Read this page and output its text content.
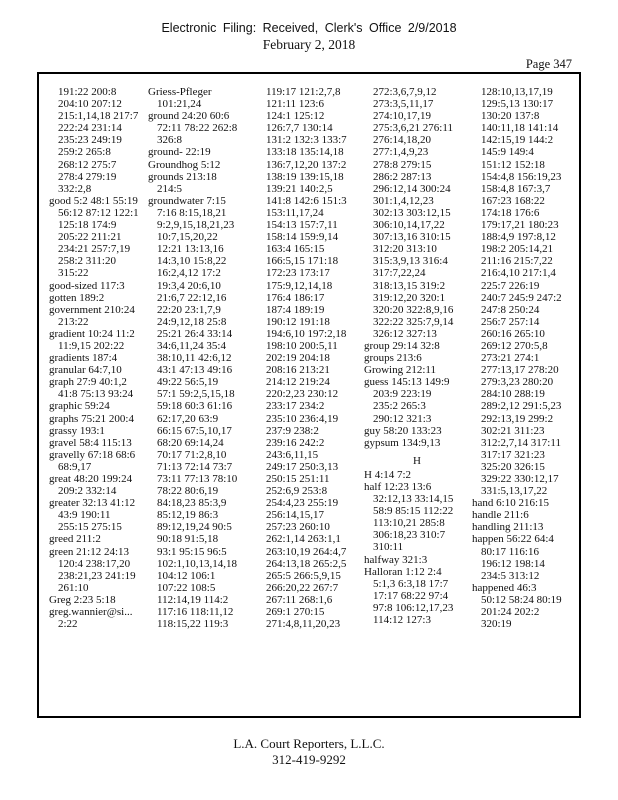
Electronic Filing: Received, Clerk's Office 2/9/2018
February 2, 2018
Page 347
191:22 200:8
204:10 207:12
215:1,14,18 217:7
222:24 231:14
235:23 249:19
259:2 265:8
268:12 275:7
278:4 279:19
332:2,8
good 5:2 48:1 55:19
56:12 87:12 122:1
125:18 174:9
205:22 211:21
234:21 257:7,19
258:2 311:20
315:22
good-sized 117:3
gotten 189:2
government 210:24
213:22
gradient 10:24 11:2
11:9,15 202:22
gradients 187:4
granular 64:7,10
graph 27:9 40:1,2
41:8 75:13 93:24
graphic 59:24
graphs 75:21 200:4
grassy 193:1
gravel 58:4 115:13
gravelly 67:18 68:6
68:9,17
great 48:20 199:24
209:2 332:14
greater 32:13 41:12
43:9 190:11
255:15 275:15
greed 211:2
green 21:12 24:13
120:4 238:17,20
238:21,23 241:19
261:10
Greg 2:23 5:18
greg.wannier@si...
2:22
Griess-Pfleger
101:21,24
ground 24:20 60:6
72:11 78:22 262:8
326:8
ground- 22:19
Groundhog 5:12
grounds 213:18
214:5
groundwater 7:15
7:16 8:15,18,21
9:2,9,15,18,21,23
10:7,15,20,22
12:21 13:13,16
14:3,10 15:8,22
16:2,4,12 17:2
19:3,4 20:6,10
21:6,7 22:12,16
22:20 23:1,7,9
24:9,12,18 25:8
25:21 26:4 33:14
34:6,11,24 35:4
38:10,11 42:6,12
43:1 47:13 49:16
49:22 56:5,19
57:1 59:2,5,15,18
59:18 60:3 61:16
62:17,20 63:9
66:15 67:5,10,17
68:20 69:14,24
70:17 71:2,8,10
71:13 72:14 73:7
73:11 77:13 78:10
78:22 80:6,19
84:18,23 85:3,9
85:12,19 86:3
89:12,19,24 90:5
90:18 91:5,18
93:1 95:15 96:5
102:1,10,13,14,18
104:12 106:1
107:22 108:5
112:14,19 114:2
117:16 118:11,12
118:15,22 119:3
119:17 121:2,7,8
121:11 123:6
124:1 125:12
126:7,7 130:14
131:2 132:3 133:7
133:18 135:14,18
136:7,12,20 137:2
138:19 139:15,18
139:21 140:2,5
141:8 142:6 151:3
153:11,17,24
154:13 157:7,11
158:14 159:9,14
163:4 165:15
166:5,15 171:18
172:23 173:17
175:9,12,14,18
176:4 186:17
187:4 189:19
190:12 191:18
194:6,10 197:2,18
198:10 200:5,11
202:19 204:18
208:16 213:21
214:12 219:24
220:2,23 230:12
233:17 234:2
235:10 236:4,19
237:9 238:2
239:16 242:2
243:6,11,15
249:17 250:3,13
250:15 251:11
252:6,9 253:8
254:4,23 255:19
256:14,15,17
257:23 260:10
262:1,14 263:1,1
263:10,19 264:4,7
264:13,18 265:2,5
265:5 266:5,9,15
266:20,22 267:7
267:11 268:1,6
269:1 270:15
271:4,8,11,20,23
272:3,6,7,9,12
273:3,5,11,17
274:10,17,19
275:3,6,21 276:11
276:14,18,20
277:1,4,9,23
278:8 279:15
286:2 287:13
296:12,14 300:24
301:1,4,12,23
302:13 303:12,15
306:10,14,17,22
307:13,16 310:15
312:20 313:10
315:3,9,13 316:4
317:7,22,24
318:13,15 319:2
319:12,20 320:1
320:20 322:8,9,16
322:22 325:7,9,14
326:12 327:13
group 29:14 32:8
groups 213:6
Growing 212:11
guess 145:13 149:9
203:9 223:19
235:2 265:3
290:12 321:3
guy 58:20 133:23
gypsum 134:9,13
H
H 4:14 7:2
half 12:23 13:6
32:12,13 33:14,15
58:9 85:15 112:22
113:10,21 285:8
306:18,23 310:7
310:11
halfway 321:3
Halloran 1:12 2:4
5:1,3 6:3,18 17:7
17:17 68:22 97:4
97:8 106:12,17,23
114:12 127:3
128:10,13,17,19
129:5,13 130:17
130:20 137:8
140:11,18 141:14
142:15,19 144:2
145:9 149:4
151:12 152:18
154:4,8 156:19,23
158:4,8 167:3,7
167:23 168:22
174:18 176:6
179:17,21 180:23
188:4,9 197:8,12
198:2 205:14,21
211:16 215:7,22
216:4,10 217:1,4
225:7 226:19
240:7 245:9 247:2
247:8 250:24
256:7 257:14
260:16 265:10
269:12 270:5,8
273:21 274:1
277:13,17 278:20
279:3,23 280:20
284:10 288:19
289:2,12 291:5,23
292:13,19 299:2
302:21 311:23
312:2,7,14 317:11
317:17 321:23
325:20 326:15
329:22 330:12,17
331:5,13,17,22
hand 6:10 216:15
handle 211:6
handling 211:13
happen 56:22 64:4
80:17 116:16
196:12 198:14
234:5 313:12
happened 46:3
50:12 58:24 80:19
201:24 202:2
320:19
L.A. Court Reporters, L.L.C.
312-419-9292
